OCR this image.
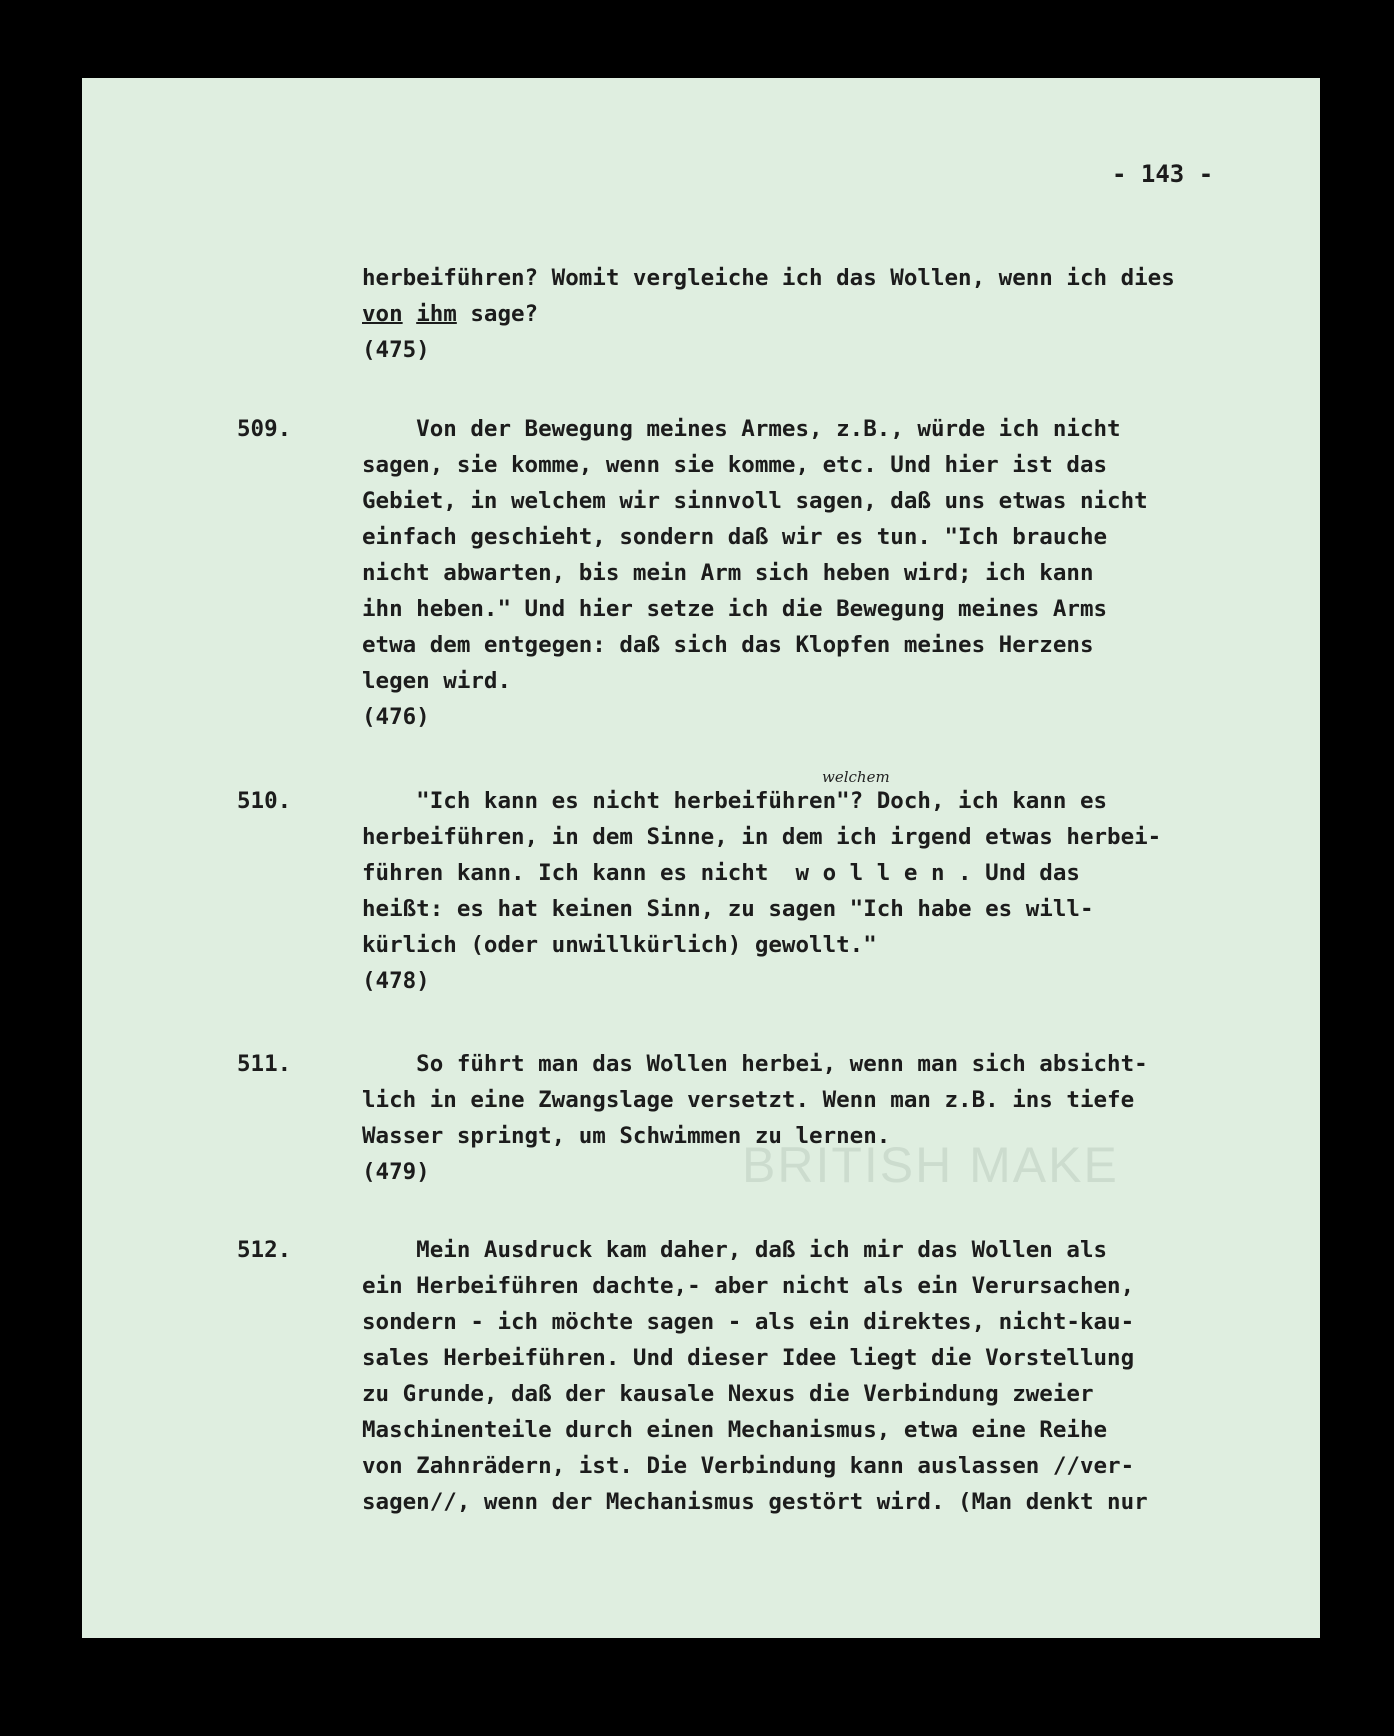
BRITISH MAKE
- 143 -
herbeiführen? Womit vergleiche ich das Wollen, wenn ich dies
von ihm sage?
(475)
509.	Von der Bewegung meines Armes, z.B., würde ich nicht
sagen, sie komme, wenn sie komme, etc. Und hier ist das
Gebiet, in welchem wir sinnvoll sagen, daß uns etwas nicht
einfach geschieht, sondern daß wir es tun. "Ich brauche
nicht abwarten, bis mein Arm sich heben wird; ich kann
ihn heben." Und hier setze ich die Bewegung meines Arms
etwa dem entgegen: daß sich das Klopfen meines Herzens
legen wird.
(476)
510.
welchem
"Ich kann es nicht herbeiführen"? Doch, ich kann es
herbeiführen, in dem Sinne, in dem ich irgend etwas herbei-
führen kann. Ich kann es nicht  w o l l e n . Und das
heißt: es hat keinen Sinn, zu sagen "Ich habe es will-
kürlich (oder unwillkürlich) gewollt."
(478)
511.	So führt man das Wollen herbei, wenn man sich absicht-
lich in eine Zwangslage versetzt. Wenn man z.B. ins tiefe
Wasser springt, um Schwimmen zu lernen.
(479)
512.	Mein Ausdruck kam daher, daß ich mir das Wollen als
ein Herbeiführen dachte,- aber nicht als ein Verursachen,
sondern - ich möchte sagen - als ein direktes, nicht-kau-
sales Herbeiführen. Und dieser Idee liegt die Vorstellung
zu Grunde, daß der kausale Nexus die Verbindung zweier
Maschinenteile durch einen Mechanismus, etwa eine Reihe
von Zahnrädern, ist. Die Verbindung kann auslassen //ver-
sagen//, wenn der Mechanismus gestört wird. (Man denkt nur
